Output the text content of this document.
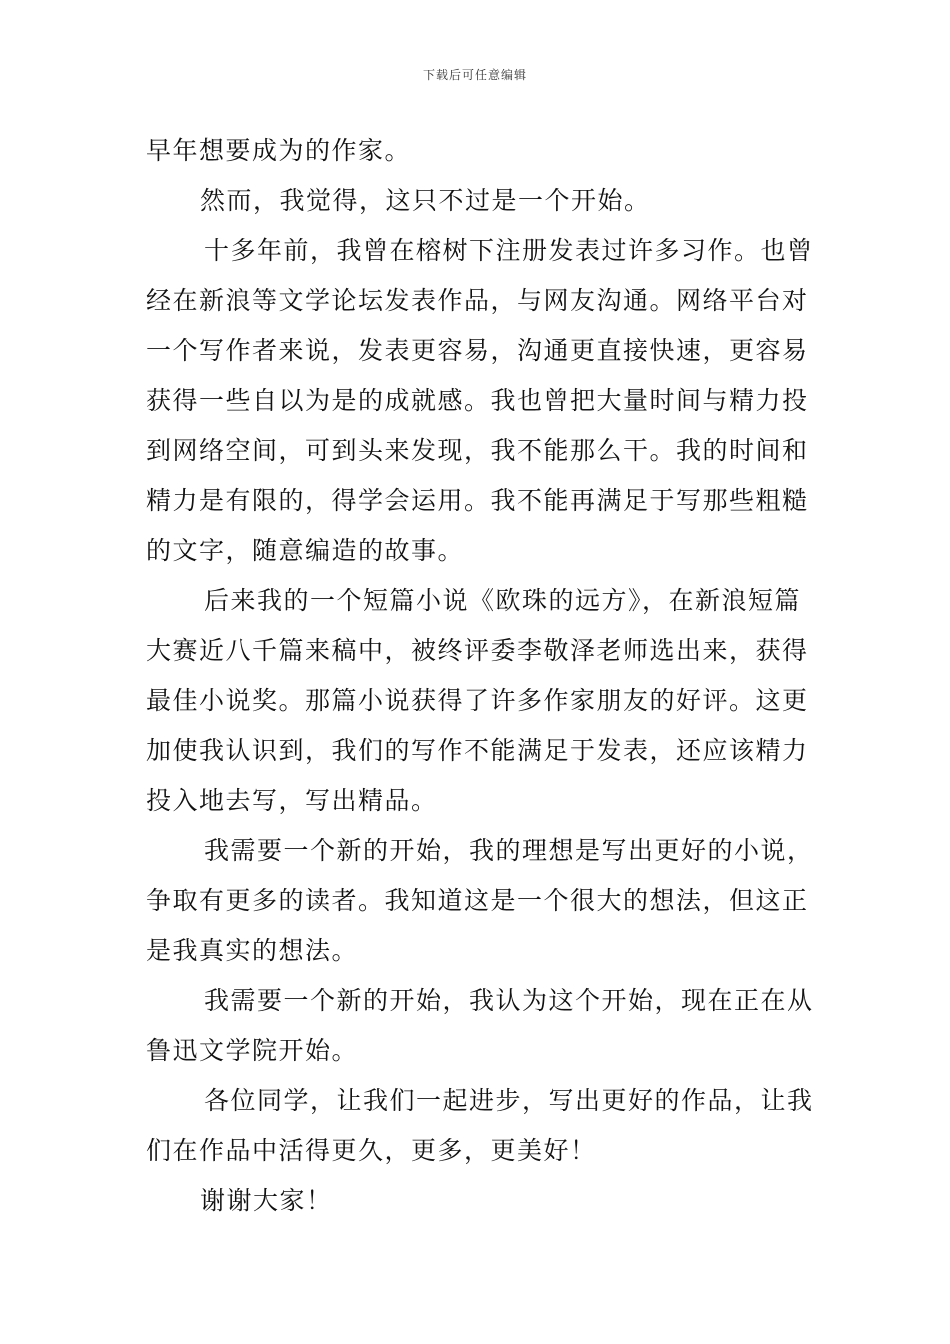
下载后可任意编辑
早年想要成为的作家。
然而，我觉得，这只不过是一个开始。
十多年前，我曾在榕树下注册发表过许多习作。也曾
经在新浪等文学论坛发表作品，与网友沟通。网络平台对
一个写作者来说，发表更容易，沟通更直接快速，更容易
获得一些自以为是的成就感。我也曾把大量时间与精力投
到网络空间，可到头来发现，我不能那么干。我的时间和
精力是有限的，得学会运用。我不能再满足于写那些粗糙
的文字，随意编造的故事。
后来我的一个短篇小说《欧珠的远方》，在新浪短篇
大赛近八千篇来稿中，被终评委李敬泽老师选出来，获得
最佳小说奖。那篇小说获得了许多作家朋友的好评。这更
加使我认识到，我们的写作不能满足于发表，还应该精力
投入地去写，写出精品。
我需要一个新的开始，我的理想是写出更好的小说，
争取有更多的读者。我知道这是一个很大的想法，但这正
是我真实的想法。
我需要一个新的开始，我认为这个开始，现在正在从
鲁迅文学院开始。
各位同学，让我们一起进步，写出更好的作品，让我
们在作品中活得更久，更多，更美好！
谢谢大家！
